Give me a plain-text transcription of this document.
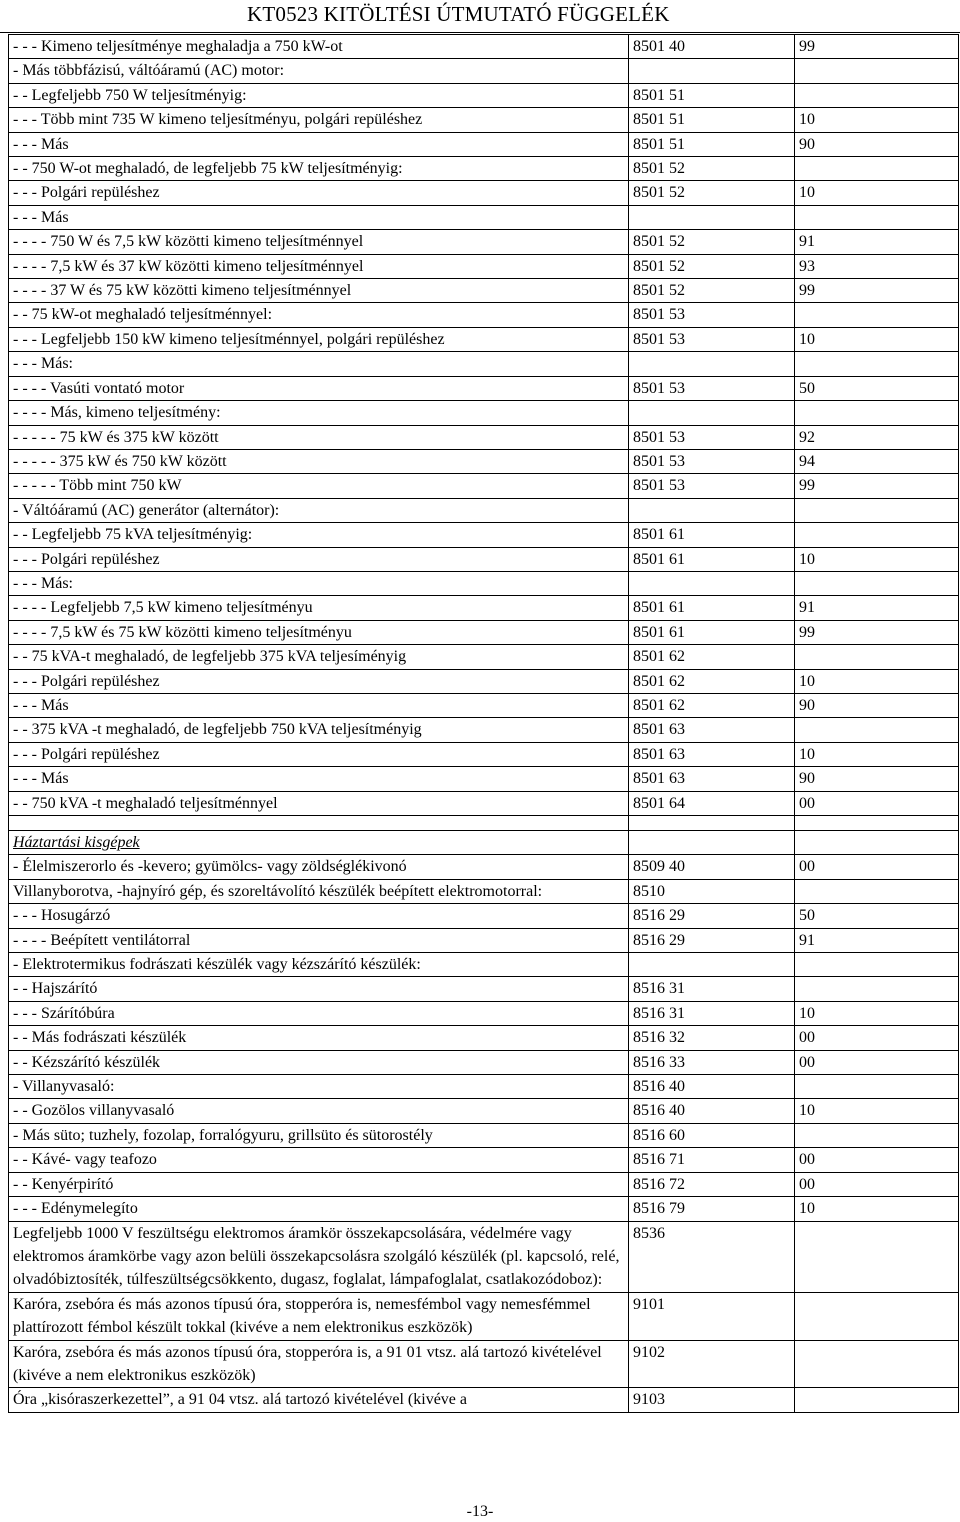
KT0523 KITÖLTÉSI ÚTMUTATÓ FÜGGELÉK
- - - Kimeno teljesítménye meghaladja a 750 kW-ot	8501 40	99
- Más többfázisú, váltóáramú (AC) motor:		
- - Legfeljebb 750 W teljesítményig:	8501 51	
- - - Több mint 735 W kimeno teljesítményu, polgári repüléshez	8501 51	10
- - - Más	8501 51	90
- - 750 W-ot meghaladó, de legfeljebb 75 kW teljesítményig:	8501 52	
- - - Polgári repüléshez	8501 52	10
- - - Más		
- - - - 750 W és 7,5 kW közötti kimeno teljesítménnyel	8501 52	91
- - - - 7,5 kW és 37 kW közötti kimeno teljesítménnyel	8501 52	93
- - - - 37 W és 75 kW közötti kimeno teljesítménnyel	8501 52	99
- - 75 kW-ot meghaladó teljesítménnyel:	8501 53	
- - - Legfeljebb 150 kW kimeno teljesítménnyel, polgári repüléshez	8501 53	10
- - - Más:		
- - - - Vasúti vontató motor	8501 53	50
- - - - Más, kimeno teljesítmény:		
- - - - - 75 kW és 375 kW között	8501 53	92
- - - - - 375 kW és 750 kW között	8501 53	94
- - - - - Több mint 750 kW	8501 53	99
- Váltóáramú (AC) generátor (alternátor):		
- - Legfeljebb 75 kVA teljesítményig:	8501 61	
- - - Polgári repüléshez	8501 61	10
- - - Más:		
- - - - Legfeljebb 7,5 kW kimeno teljesítményu	8501 61	91
- - - - 7,5 kW és 75 kW közötti kimeno teljesítményu	8501 61	99
- - 75 kVA-t meghaladó, de legfeljebb 375 kVA teljesíményig	8501 62	
- - - Polgári repüléshez	8501 62	10
- - - Más	8501 62	90
- - 375 kVA -t meghaladó, de legfeljebb 750 kVA teljesítményig	8501 63	
- - - Polgári repüléshez	8501 63	10
- - - Más	8501 63	90
- - 750 kVA -t meghaladó teljesítménnyel	8501 64	00

Háztartási kisgépek		
- Élelmiszerorlo és -kevero; gyümölcs- vagy zöldséglékivonó	8509 40	00
Villanyborotva, -hajnyíró gép, és szoreltávolító készülék beépített elektromotorral:	8510	
- - - Hosugárzó	8516 29	50
- - - - Beépített ventilátorral	8516 29	91
- Elektrotermikus fodrászati készülék vagy kézszárító készülék:		
- - Hajszárító	8516 31	
- - - Szárítóbúra	8516 31	10
- - Más fodrászati készülék	8516 32	00
- - Kézszárító készülék	8516 33	00
- Villanyvasaló:	8516 40	
- - Gozölos villanyvasaló	8516 40	10
- Más süto; tuzhely, fozolap, forralógyuru, grillsüto és sütorostély	8516 60	
- - Kávé- vagy teafozo	8516 71	00
- - Kenyérpirító	8516 72	00
- - - Edénymelegíto	8516 79	10
Legfeljebb 1000 V feszültségu elektromos áramkör összekapcsolására, védelmére vagy elektromos áramkörbe vagy azon belüli összekapcsolásra szolgáló készülék (pl. kapcsoló, relé, olvadóbiztosíték, túlfeszültségcsökkento, dugasz, foglalat, lámpafoglalat, csatlakozódoboz):	8536	
Karóra, zsebóra és más azonos típusú óra, stopperóra is, nemesfémbol vagy nemesfémmel plattírozott fémbol készült tokkal (kivéve a nem elektronikus eszközök)	9101	
Karóra, zsebóra és más azonos típusú óra, stopperóra is, a 91 01 vtsz. alá tartozó kivételével (kivéve a nem elektronikus eszközök)	9102	
Óra „kisóraszerkezettel”, a 91 04 vtsz. alá tartozó kivételével (kivéve a	9103	
-13-
